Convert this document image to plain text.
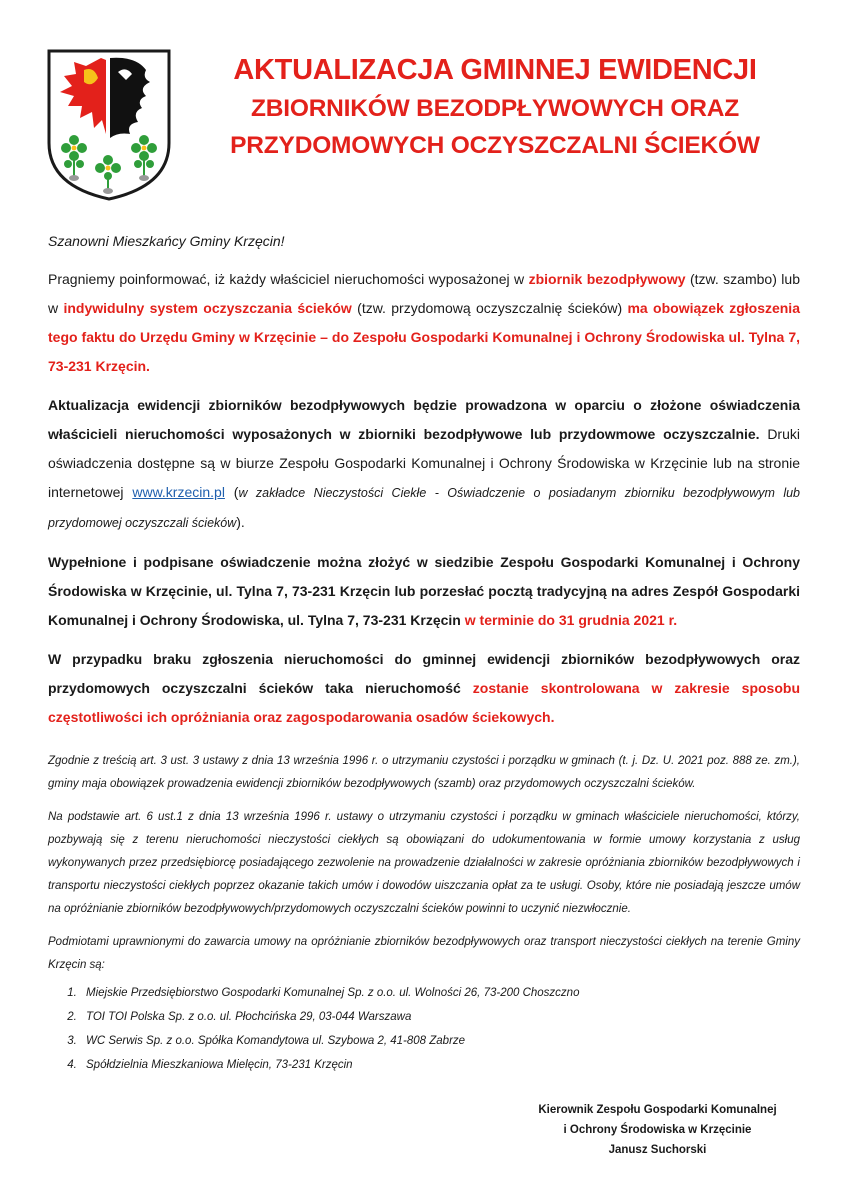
AKTUALIZACJA GMINNEJ EWIDENCJI
ZBIORNIKÓW BEZODPŁYWOWYCH ORAZ
PRZYDOMOWYCH OCZYSZCZALNI ŚCIEKÓW

Szanowni Mieszkańcy Gminy Krzęcin!

Pragniemy poinformować, iż każdy właściciel nieruchomości wyposażonej w zbiornik bezodpływowy (tzw. szambo) lub w indywidulny system oczyszczania ścieków (tzw. przydomową oczyszczalnię ścieków) ma obowiązek zgłoszenia tego faktu do Urzędu Gminy w Krzęcinie – do Zespołu Gospodarki Komunalnej i Ochrony Środowiska ul. Tylna 7, 73-231 Krzęcin.

Aktualizacja ewidencji zbiorników bezodpływowych będzie prowadzona w oparciu o złożone oświadczenia właścicieli nieruchomości wyposażonych w zbiorniki bezodpływowe lub przydowmowe oczyszczalnie. Druki oświadczenia dostępne są w biurze Zespołu Gospodarki Komunalnej i Ochrony Środowiska w Krzęcinie lub na stronie internetowej www.krzecin.pl (w zakładce Nieczystości Ciekłe - Oświadczenie o posiadanym zbiorniku bezodpływowym lub przydomowej oczyszczali ścieków).

Wypełnione i podpisane oświadczenie można złożyć w siedzibie Zespołu Gospodarki Komunalnej i Ochrony Środowiska w Krzęcinie, ul. Tylna 7, 73-231 Krzęcin lub porzesłać pocztą tradycyjną na adres Zespół Gospodarki Komunalnej i Ochrony Środowiska, ul. Tylna 7, 73-231 Krzęcin w terminie do 31 grudnia 2021 r.

W przypadku braku zgłoszenia nieruchomości do gminnej ewidencji zbiorników bezodpływowych oraz przydomowych oczyszczalni ścieków taka nieruchomość zostanie skontrolowana w zakresie sposobu częstotliwości ich opróżniania oraz zagospodarowania osadów ściekowych.

Zgodnie z treścią art. 3 ust. 3 ustawy z dnia 13 września 1996 r. o utrzymaniu czystości i porządku w gminach (t. j. Dz. U. 2021 poz. 888 ze. zm.), gminy maja obowiązek prowadzenia ewidencji zbiorników bezodpływowych (szamb) oraz przydomowych oczyszczalni ścieków.

Na podstawie art. 6 ust.1 z dnia 13 września 1996 r. ustawy o utrzymaniu czystości i porządku w gminach właściciele nieruchomości, którzy, pozbywają się z terenu nieruchomości nieczystości ciekłych są obowiązani do udokumentowania w formie umowy korzystania z usług wykonywanych przez przedsiębiorcę posiadającego zezwolenie na prowadzenie działalności w zakresie opróżniania zbiorników bezodpływowych i transportu nieczystości ciekłych poprzez okazanie takich umów i dowodów uiszczania opłat za te usługi. Osoby, które nie posiadają jeszcze umów na opróżnianie zbiorników bezodpływowych/przydomowych oczyszczalni ścieków powinni to uczynić niezwłocznie.

Podmiotami uprawnionymi do zawarcia umowy na opróżnianie zbiorników bezodpływowych oraz transport nieczystości ciekłych na terenie Gminy Krzęcin są:

1. Miejskie Przedsiębiorstwo Gospodarki Komunalnej Sp. z o.o. ul. Wolności 26, 73-200 Choszczno
2. TOI TOI Polska Sp. z o.o. ul. Płochcińska 29, 03-044 Warszawa
3. WC Serwis Sp. z o.o. Spółka Komandytowa ul. Szybowa 2, 41-808 Zabrze
4. Spółdzielnia Mieszkaniowa Mielęcin, 73-231 Krzęcin
Kierownik Zespołu Gospodarki Komunalnej
i Ochrony Środowiska w Krzęcinie
Janusz Suchorski
